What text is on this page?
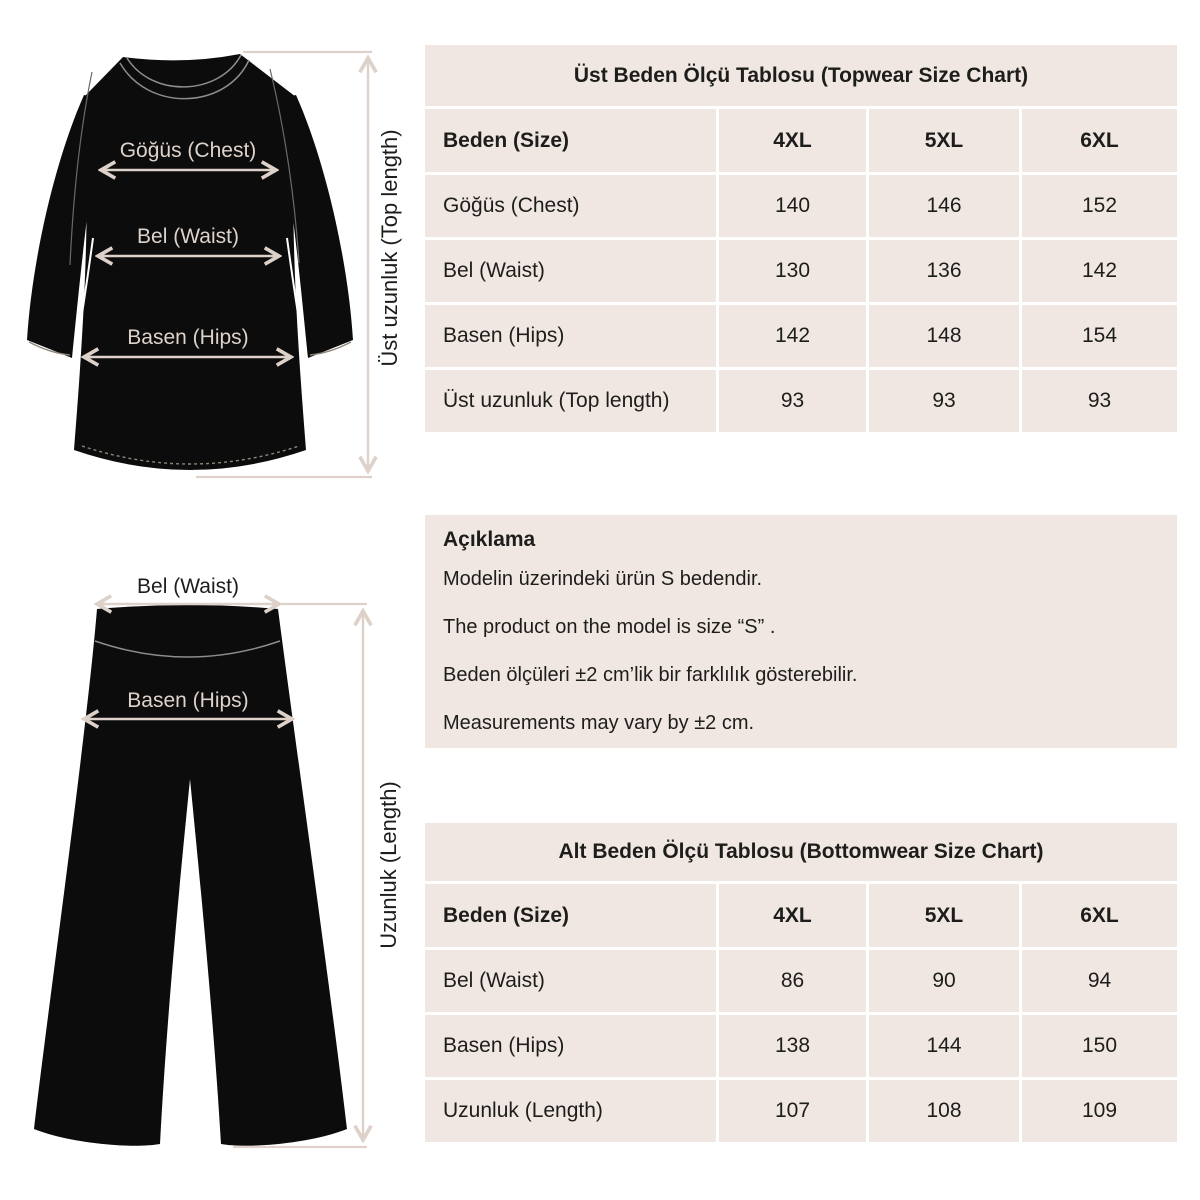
Göğüs (Chest)
Bel (Waist)
Basen (Hips)	Üst uzunluk (Top length)
Bel (Waist)
Basen (Hips)
Uzunluk (Length)
Üst Beden Ölçü Tablosu (Topwear Size Chart)
Beden (Size)	4XL	5XL	6XL
Göğüs (Chest)	140	146	152
Bel (Waist)	130	136	142
Basen (Hips)	142	148	154
Üst uzunluk (Top length)	93	93	93
Açıklama

Modelin üzerindeki ürün S bedendir.

The product on the model is size “S” .

Beden ölçüleri ±2 cm’lik bir farklılık gösterebilir.

Measurements may vary by ±2 cm.

Alt Beden Ölçü Tablosu (Bottomwear Size Chart)
Beden (Size)	4XL	5XL	6XL
Bel (Waist)	86	90	94
Basen (Hips)	138	144	150
Uzunluk (Length)	107	108	109
